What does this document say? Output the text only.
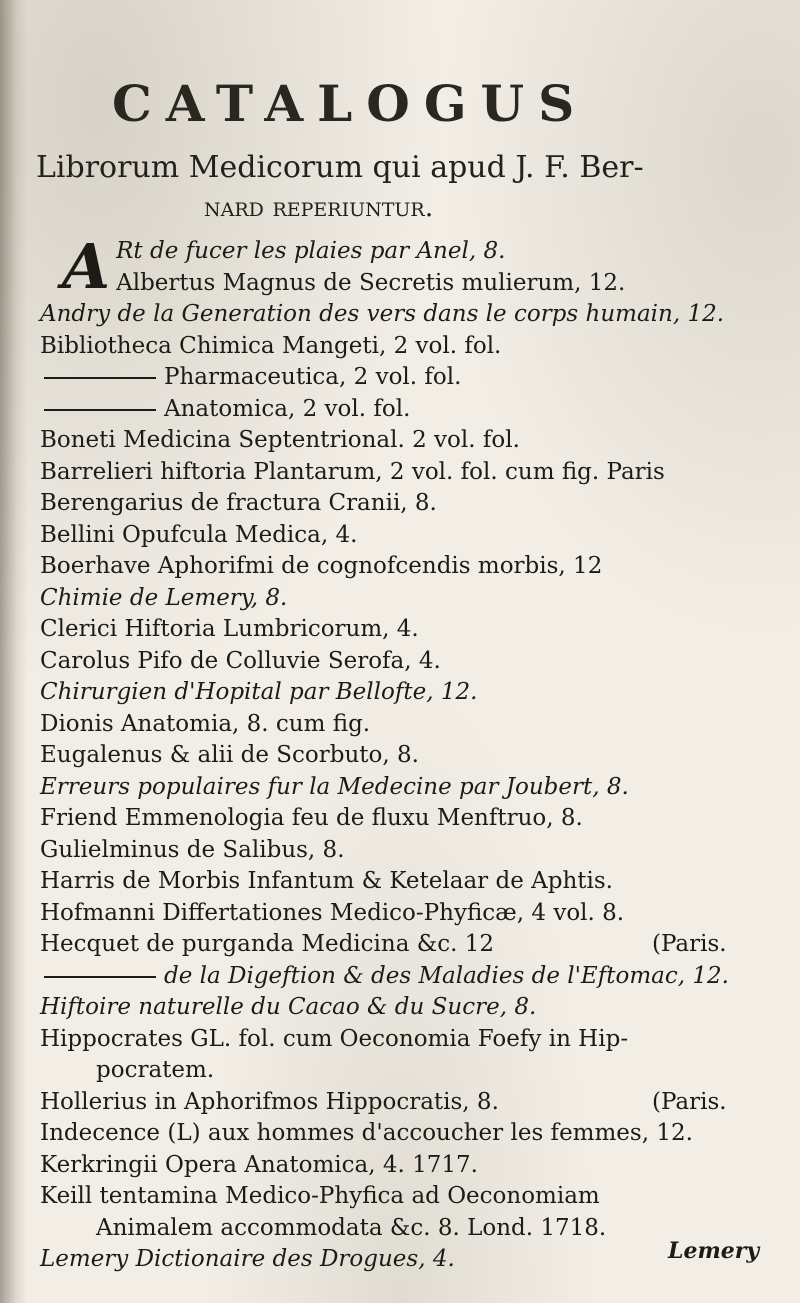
CATALOGUS
Librorum Medicorum qui apud J. F. Ber-
nard reperiuntur.
A Rt de fucer les plaies par Anel, 8.
Albertus Magnus de Secretis mulierum, 12.
Andry de la Generation des vers dans le corps humain, 12.
Bibliotheca Chimica Mangeti, 2 vol. fol.
Pharmaceutica, 2 vol. fol.
Anatomica, 2 vol. fol.
Boneti Medicina Septentrional. 2 vol. fol.
Barrelieri hiftoria Plantarum, 2 vol. fol. cum fig. Paris
Berengarius de fractura Cranii, 8.
Bellini Opufcula Medica, 4.
Boerhave Aphorifmi de cognofcendis morbis, 12
Chimie de Lemery, 8.
Clerici Hiftoria Lumbricorum, 4.
Carolus Pifo de Colluvie Serofa, 4.
Chirurgien d'Hopital par Bellofte, 12.
Dionis Anatomia, 8. cum fig.
Eugalenus & alii de Scorbuto, 8.
Erreurs populaires fur la Medecine par Joubert, 8.
Friend Emmenologia feu de fluxu Menftruo, 8.
Gulielminus de Salibus, 8.
Harris de Morbis Infantum & Ketelaar de Aphtis.
Hofmanni Differtationes Medico-Phyficæ, 4 vol. 8.
Hecquet de purganda Medicina &c. 12	(Paris.
de la Digeftion & des Maladies de l'Eftomac, 12.
Hiftoire naturelle du Cacao & du Sucre, 8.
Hippocrates GL. fol. cum Oeconomia Foefy in Hip-
pocratem.
Hollerius in Aphorifmos Hippocratis, 8.	(Paris.
Indecence (L) aux hommes d'accoucher les femmes, 12.
Kerkringii Opera Anatomica, 4. 1717.
Keill tentamina Medico-Phyfica ad Oeconomiam
Animalem accommodata &c. 8. Lond. 1718.
Lemery Dictionaire des Drogues, 4.	Lemery
